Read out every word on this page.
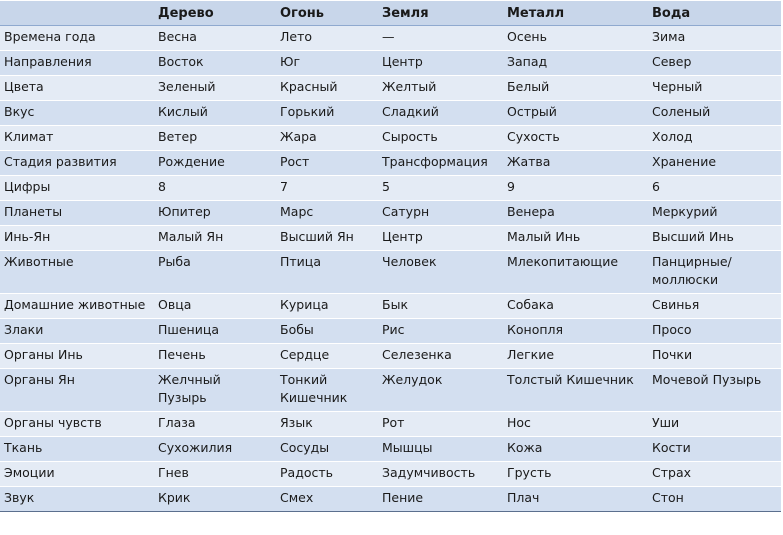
	Дерево	Огонь	Земля	Металл	Вода
Времена года	Весна	Лето	—	Осень	Зима
Направления	Восток	Юг	Центр	Запад	Север
Цвета	Зеленый	Красный	Желтый	Белый	Черный
Вкус	Кислый	Горький	Сладкий	Острый	Соленый
Климат	Ветер	Жара	Сырость	Сухость	Холод
Стадия развития	Рождение	Рост	Трансформация	Жатва	Хранение
Цифры	8	7	5	9	6
Планеты	Юпитер	Марс	Сатурн	Венера	Меркурий
Инь-Ян	Малый Ян	Высший Ян	Центр	Малый Инь	Высший Инь
Животные	Рыба	Птица	Человек	Млекопитающие	Панцирные/ моллюски
Домашние животные	Овца	Курица	Бык	Собака	Свинья
Злаки	Пшеница	Бобы	Рис	Конопля	Просо
Органы Инь	Печень	Сердце	Селезенка	Легкие	Почки
Органы Ян	Желчный Пузырь	Тонкий Кишечник	Желудок	Толстый Кишечник	Мочевой Пузырь
Органы чувств	Глаза	Язык	Рот	Нос	Уши
Ткань	Сухожилия	Сосуды	Мышцы	Кожа	Кости
Эмоции	Гнев	Радость	Задумчивость	Грусть	Страх
Звук	Крик	Смех	Пение	Плач	Стон
